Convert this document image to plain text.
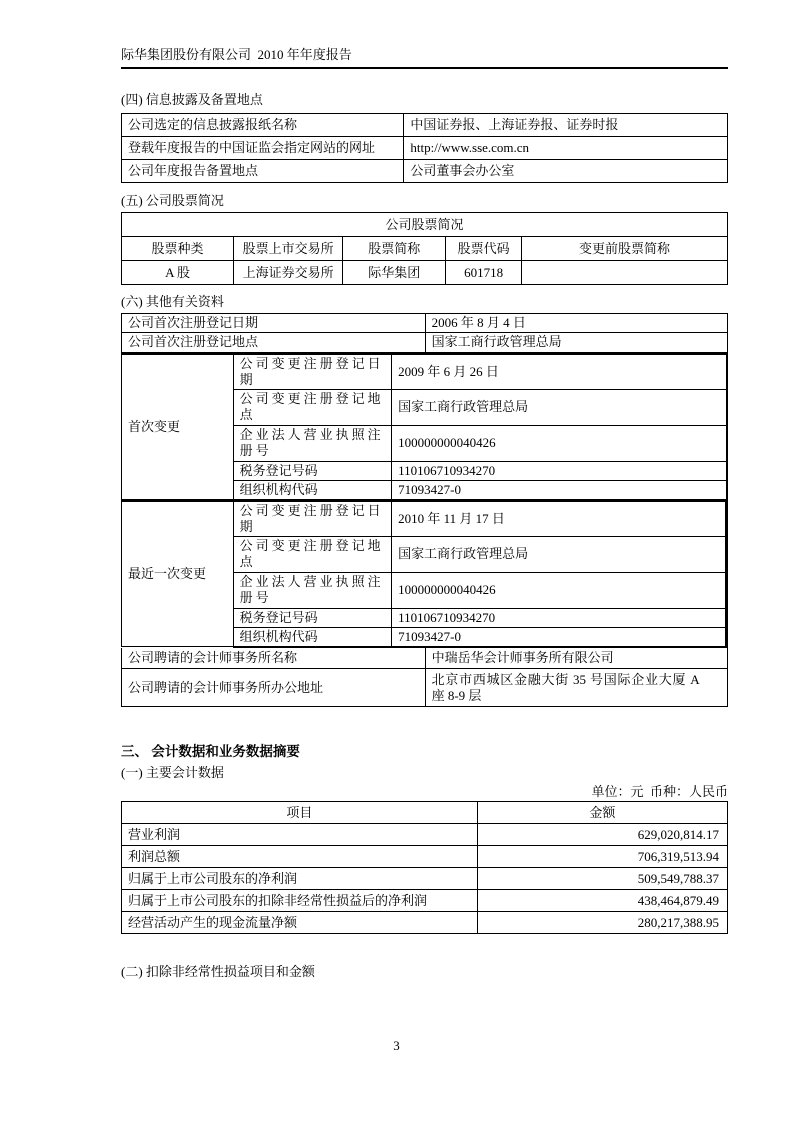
际华集团股份有限公司  2010 年年度报告
(四) 信息披露及备置地点
公司选定的信息披露报纸名称	中国证券报、上海证券报、证券时报
登载年度报告的中国证监会指定网站的网址	http://www.sse.com.cn
公司年度报告备置地点	公司董事会办公室
(五) 公司股票简况
公司股票简况				
股票种类	股票上市交易所	股票简称	股票代码	变更前股票简称
A 股	上海证券交易所	际华集团	601718	
(六) 其他有关资料
公司首次注册登记日期	2006 年 8 月 4 日
公司首次注册登记地点	国家工商行政管理总局
首次变更	公司变更注册登记日期	2009 年 6 月 26 日

	公司变更注册登记地点	国家工商行政管理总局

	企业法人营业执照注册号	100000000040426

	税务登记号码	110106710934270

	组织机构代码	71093427-0
最近一次变更	公司变更注册登记日期	2010 年 11 月 17 日

	公司变更注册登记地点	国家工商行政管理总局

	企业法人营业执照注册号	100000000040426

	税务登记号码	110106710934270

	组织机构代码	71093427-0
公司聘请的会计师事务所名称	中瑞岳华会计师事务所有限公司
公司聘请的会计师事务所办公地址	北京市西城区金融大街 35 号国际企业大厦 A 座 8-9 层
三、 会计数据和业务数据摘要
(一) 主要会计数据
单位：元  币种：人民币
项目	金额
营业利润	629,020,814.17
利润总额	706,319,513.94
归属于上市公司股东的净利润	509,549,788.37
归属于上市公司股东的扣除非经常性损益后的净利润	438,464,879.49
经营活动产生的现金流量净额	280,217,388.95
(二) 扣除非经常性损益项目和金额
3
